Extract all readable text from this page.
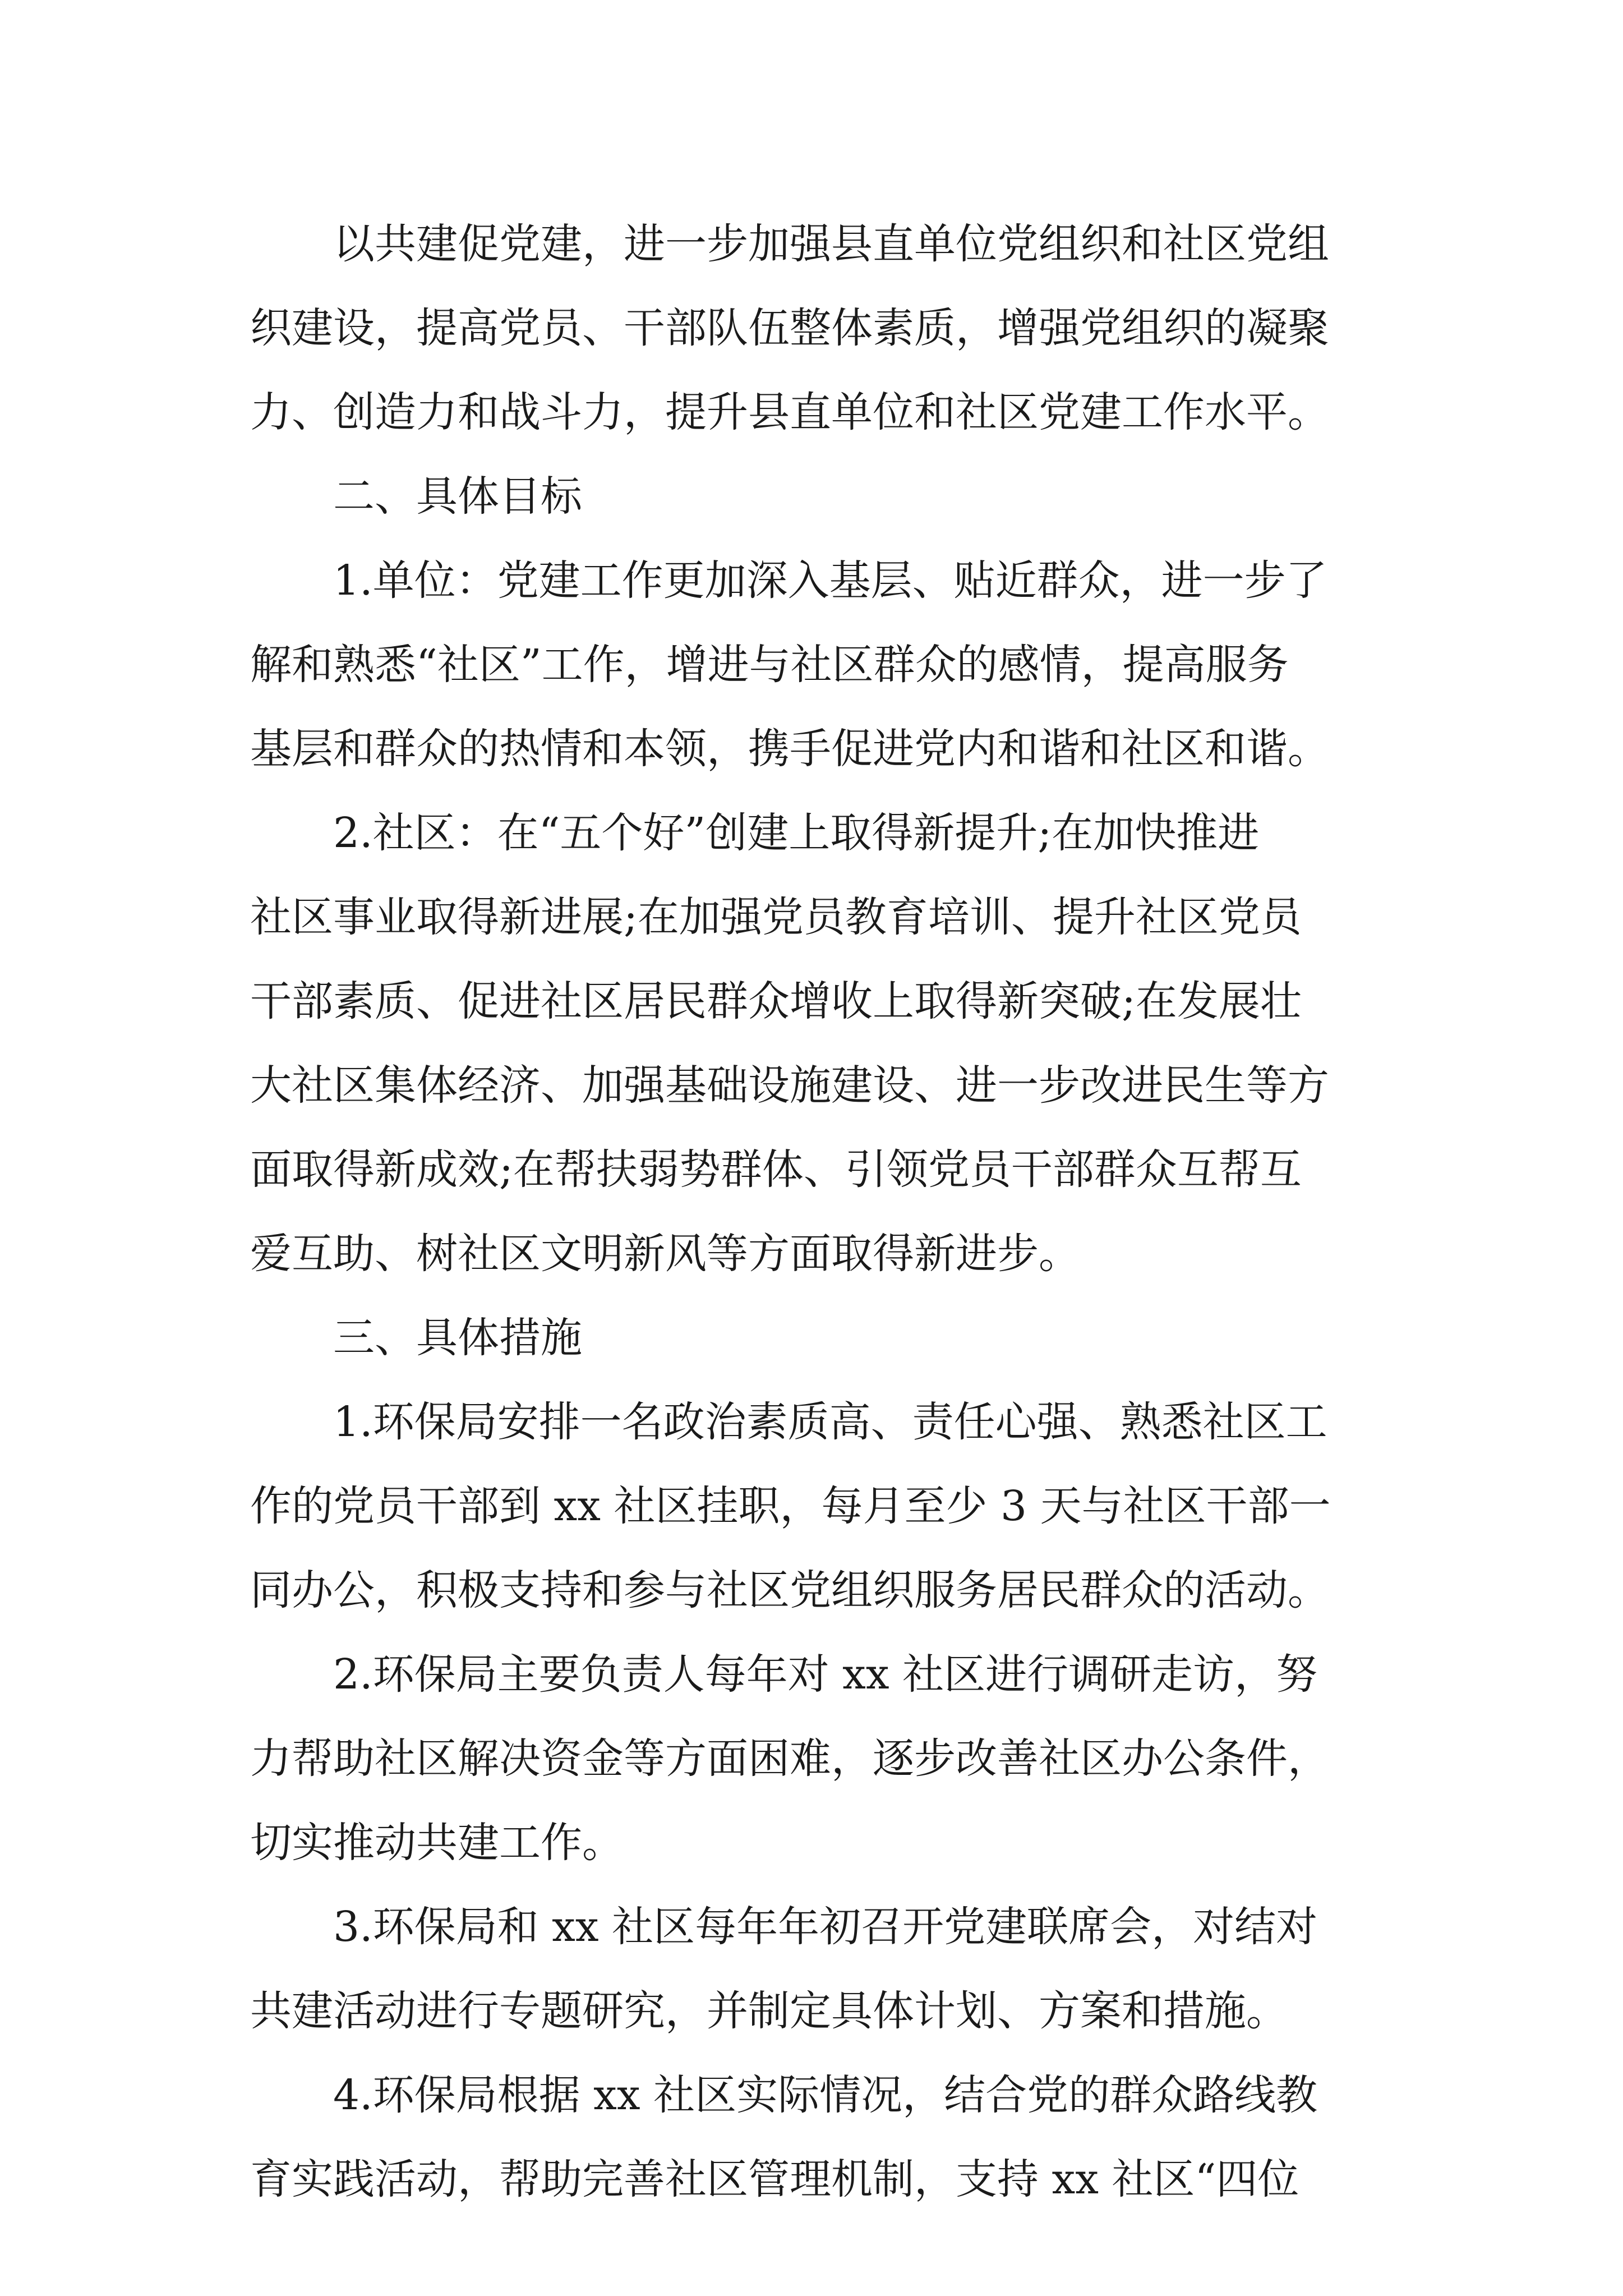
以共建促党建，进一步加强县直单位党组织和社区党组
织建设，提高党员、干部队伍整体素质，增强党组织的凝聚
力、创造力和战斗力，提升县直单位和社区党建工作水平。

二、具体目标

1.单位：党建工作更加深入基层、贴近群众，进一步了
解和熟悉“社区”工作，增进与社区群众的感情，提高服务
基层和群众的热情和本领，携手促进党内和谐和社区和谐。

2.社区：在“五个好”创建上取得新提升;在加快推进
社区事业取得新进展;在加强党员教育培训、提升社区党员
干部素质、促进社区居民群众增收上取得新突破;在发展壮
大社区集体经济、加强基础设施建设、进一步改进民生等方
面取得新成效;在帮扶弱势群体、引领党员干部群众互帮互
爱互助、树社区文明新风等方面取得新进步。

三、具体措施

1.环保局安排一名政治素质高、责任心强、熟悉社区工
作的党员干部到 xx 社区挂职，每月至少 3 天与社区干部一
同办公，积极支持和参与社区党组织服务居民群众的活动。

2.环保局主要负责人每年对 xx 社区进行调研走访，努
力帮助社区解决资金等方面困难，逐步改善社区办公条件，
切实推动共建工作。

3.环保局和 xx 社区每年年初召开党建联席会，对结对
共建活动进行专题研究，并制定具体计划、方案和措施。

4.环保局根据 xx 社区实际情况，结合党的群众路线教
育实践活动，帮助完善社区管理机制，支持 xx 社区“四位
